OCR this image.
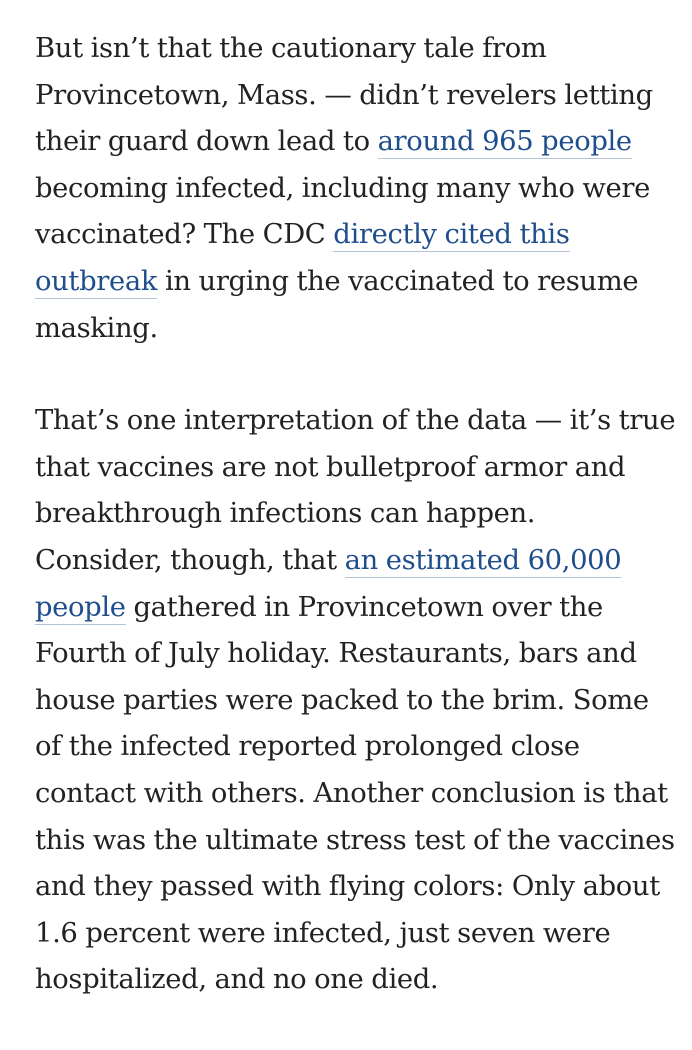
But isn’t that the cautionary tale from
Provincetown, Mass. — didn’t revelers letting
their guard down lead to around 965 people
becoming infected, including many who were
vaccinated? The CDC directly cited this
outbreak in urging the vaccinated to resume
masking.

That’s one interpretation of the data — it’s true
that vaccines are not bulletproof armor and
breakthrough infections can happen.
Consider, though, that an estimated 60,000
people gathered in Provincetown over the
Fourth of July holiday. Restaurants, bars and
house parties were packed to the brim. Some
of the infected reported prolonged close
contact with others. Another conclusion is that
this was the ultimate stress test of the vaccines
and they passed with flying colors: Only about
1.6 percent were infected, just seven were
hospitalized, and no one died.
